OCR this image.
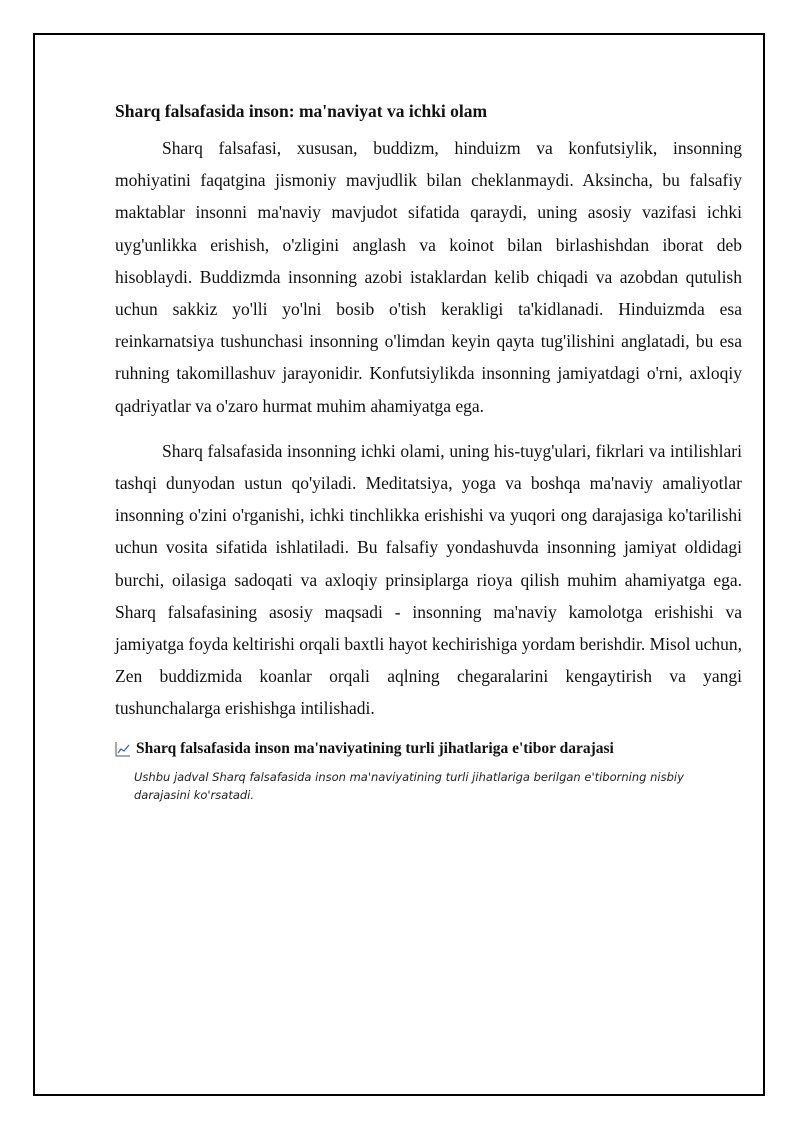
Sharq falsafasida inson: ma'naviyat va ichki olam

Sharq falsafasi, xususan, buddizm, hinduizm va konfutsiylik, insonning mohiyatini faqatgina jismoniy mavjudlik bilan cheklanmaydi. Aksincha, bu falsafiy maktablar insonni ma'naviy mavjudot sifatida qaraydi, uning asosiy vazifasi ichki uyg'unlikka erishish, o'zligini anglash va koinot bilan birlashishdan iborat deb hisoblaydi. Buddizmda insonning azobi istaklardan kelib chiqadi va azobdan qutulish uchun sakkiz yo'lli yo'lni bosib o'tish kerakligi ta'kidlanadi. Hinduizmda esa reinkarnatsiya tushunchasi insonning o'limdan keyin qayta tug'ilishini anglatadi, bu esa ruhning takomillashuv jarayonidir. Konfutsiylikda insonning jamiyatdagi o'rni, axloqiy qadriyatlar va o'zaro hurmat muhim ahamiyatga ega.

Sharq falsafasida insonning ichki olami, uning his-tuyg'ulari, fikrlari va intilishlari tashqi dunyodan ustun qo'yiladi. Meditatsiya, yoga va boshqa ma'naviy amaliyotlar insonning o'zini o'rganishi, ichki tinchlikka erishishi va yuqori ong darajasiga ko'tarilishi uchun vosita sifatida ishlatiladi. Bu falsafiy yondashuvda insonning jamiyat oldidagi burchi, oilasiga sadoqati va axloqiy prinsiplarga rioya qilish muhim ahamiyatga ega. Sharq falsafasining asosiy maqsadi - insonning ma'naviy kamolotga erishishi va jamiyatga foyda keltirishi orqali baxtli hayot kechirishiga yordam berishdir. Misol uchun, Zen buddizmida koanlar orqali aqlning chegaralarini kengaytirish va yangi tushunchalarga erishishga intilishadi.

Sharq falsafasida inson ma'naviyatining turli jihatlariga e'tibor darajasi
Ushbu jadval Sharq falsafasida inson ma'naviyatining turli jihatlariga berilgan e'tiborning nisbiy darajasini ko'rsatadi.
